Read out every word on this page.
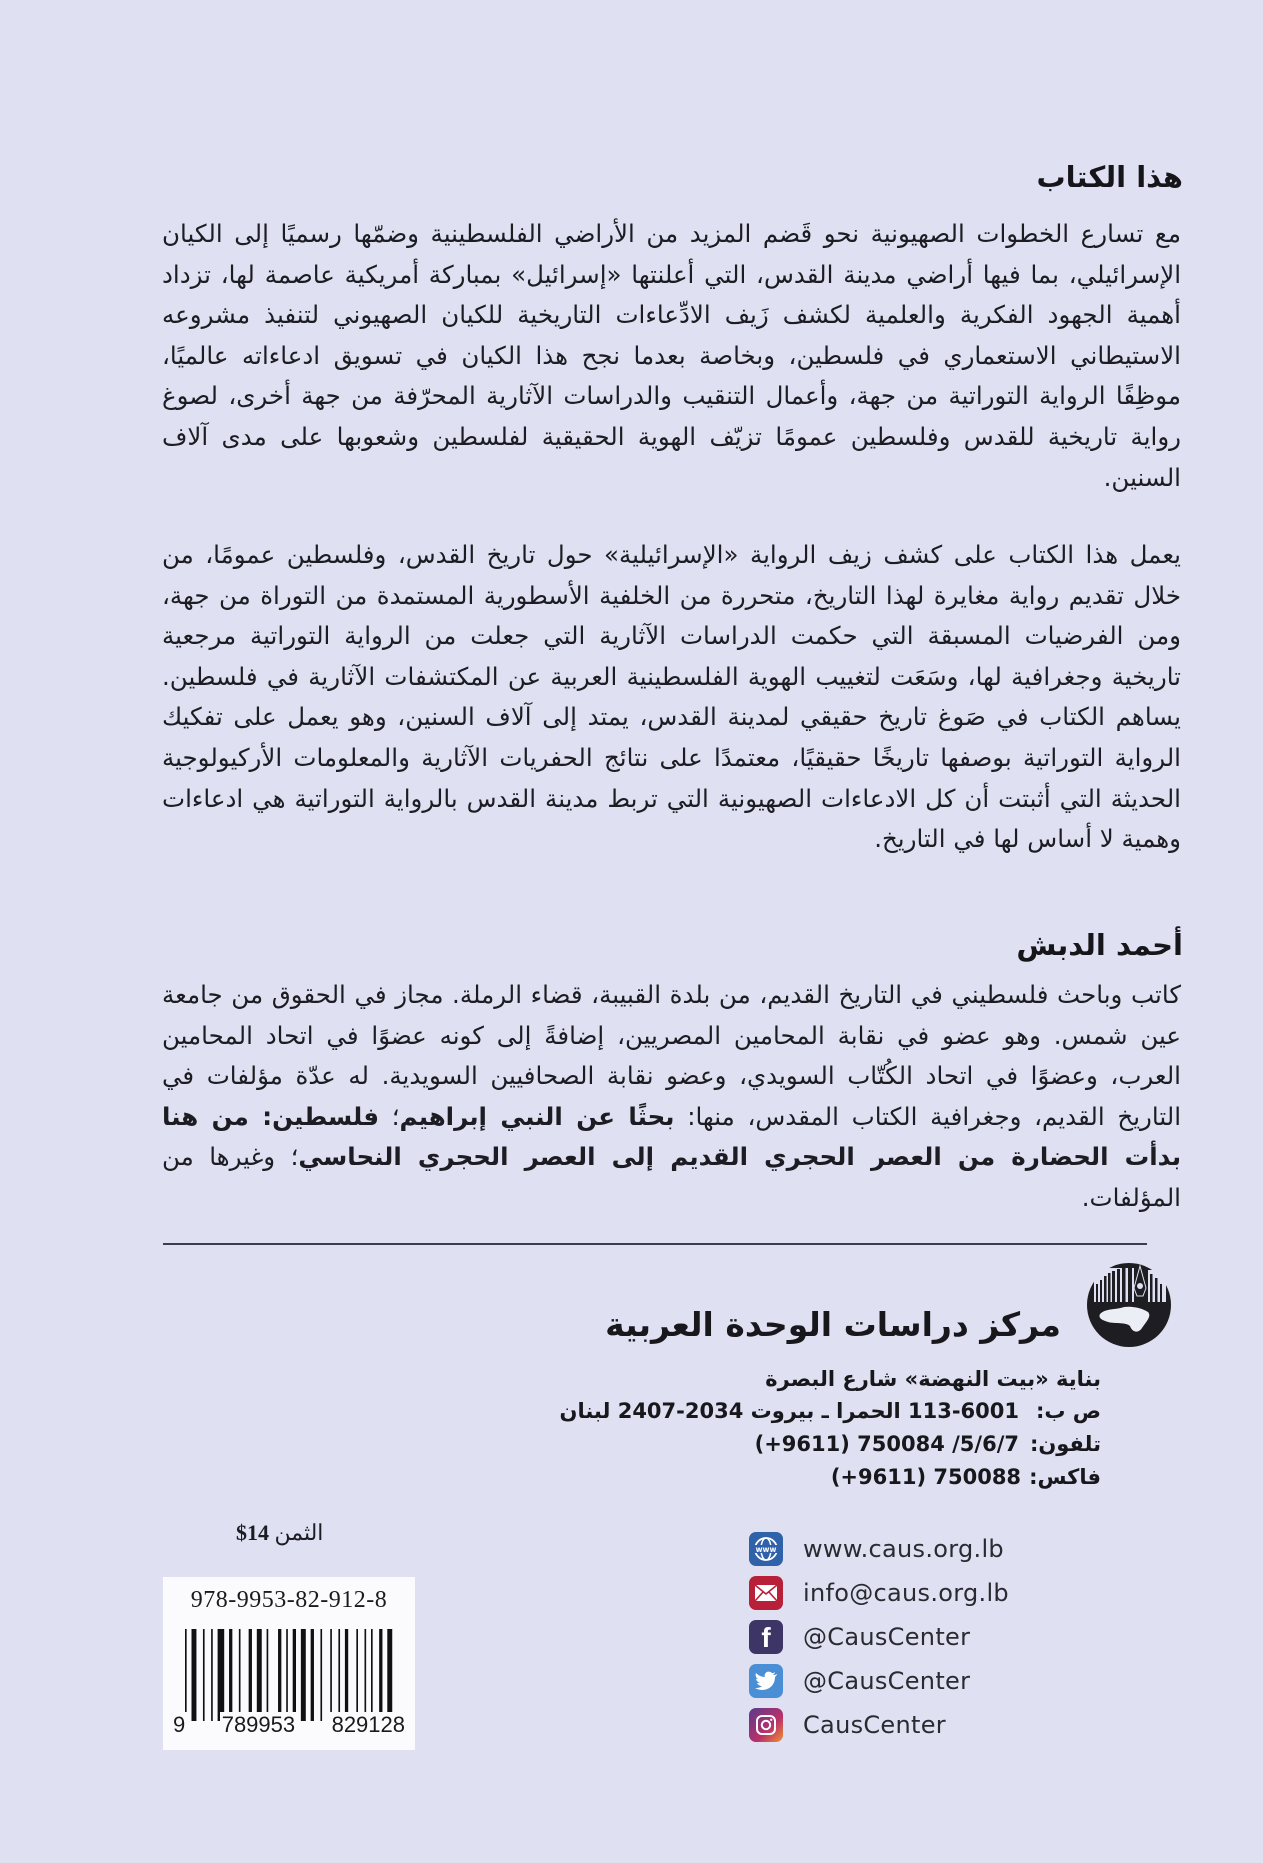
هذا الكتاب
مع تسارع الخطوات الصهيونية نحو قَضم المزيد من الأراضي الفلسطينية وضمّها رسميًا إلى الكيان الإسرائيلي، بما فيها أراضي مدينة القدس، التي أعلنتها «إسرائيل» بمباركة أمريكية عاصمة لها، تزداد أهمية الجهود الفكرية والعلمية لكشف زَيف الادِّعاءات التاريخية للكيان الصهيوني لتنفيذ مشروعه الاستيطاني الاستعماري في فلسطين، وبخاصة بعدما نجح هذا الكيان في تسويق ادعاءاته عالميًا، موظِفًا الرواية التوراتية من جهة، وأعمال التنقيب والدراسات الآثارية المحرّفة من جهة أخرى، لصوغ رواية تاريخية للقدس وفلسطين عمومًا تزيّف الهوية الحقيقية لفلسطين وشعوبها على مدى آلاف السنين.
يعمل هذا الكتاب على كشف زيف الرواية «الإسرائيلية» حول تاريخ القدس، وفلسطين عمومًا، من خلال تقديم رواية مغايرة لهذا التاريخ، متحررة من الخلفية الأسطورية المستمدة من التوراة من جهة، ومن الفرضيات المسبقة التي حكمت الدراسات الآثارية التي جعلت من الرواية التوراتية مرجعية تاريخية وجغرافية لها، وسَعَت لتغييب الهوية الفلسطينية العربية عن المكتشفات الآثارية في فلسطين. يساهم الكتاب في صَوغ تاريخ حقيقي لمدينة القدس، يمتد إلى آلاف السنين، وهو يعمل على تفكيك الرواية التوراتية بوصفها تاريخًا حقيقيًا، معتمدًا على نتائج الحفريات الآثارية والمعلومات الأركيولوجية الحديثة التي أثبتت أن كل الادعاءات الصهيونية التي تربط مدينة القدس بالرواية التوراتية هي ادعاءات وهمية لا أساس لها في التاريخ.
أحمد الدبش
كاتب وباحث فلسطيني في التاريخ القديم، من بلدة القبيبة، قضاء الرملة. مجاز في الحقوق من جامعة عين شمس. وهو عضو في نقابة المحامين المصريين، إضافةً إلى كونه عضوًا في اتحاد المحامين العرب، وعضوًا في اتحاد الكُتّاب السويدي، وعضو نقابة الصحافيين السويدية. له عدّة مؤلفات في التاريخ القديم، وجغرافية الكتاب المقدس، منها: بحثًا عن النبي إبراهيم؛ فلسطين: من هنا بدأت الحضارة من العصر الحجري القديم إلى العصر الحجري النحاسي؛ وغيرها من المؤلفات.
مركز دراسات الوحدة العربية
بناية «بيت النهضة» شارع البصرة
ص ب:113-6001 الحمرا ـ بيروت 2034-2407 لبنان
تلفون:(+9611) 750084 /5/6/7
فاكس:(+9611) 750088
www www.caus.org.lb
info@caus.org.lb
f	@CausCenter
@CausCenter
CausCenter
الثمن $14
978-9953-82-912-8
9 789953 829128
